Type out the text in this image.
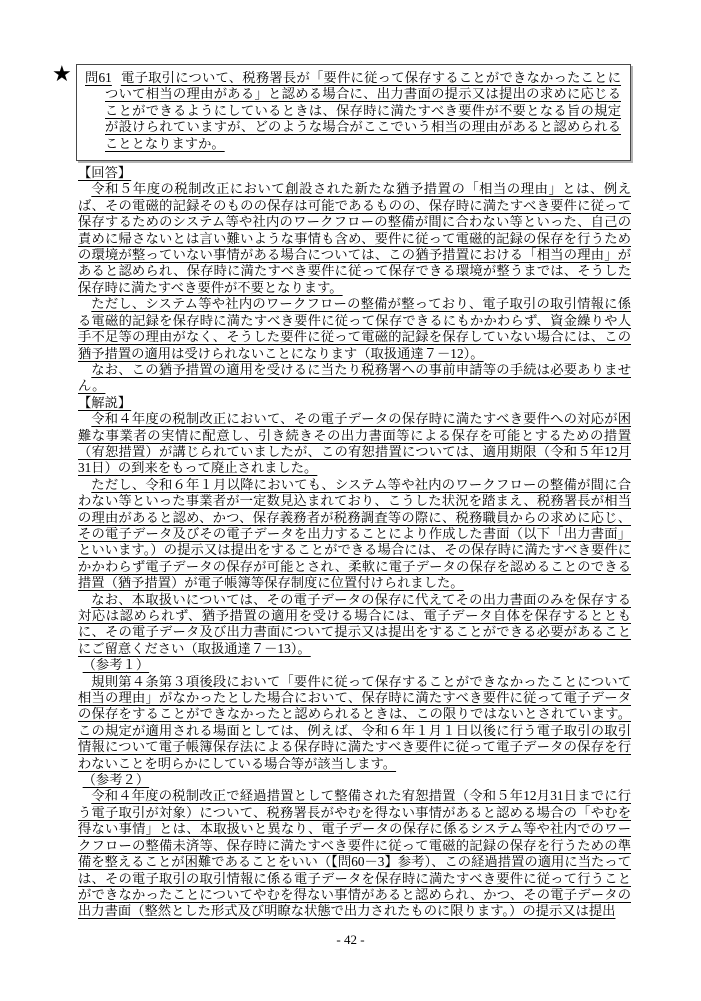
★ 問61 電子取引について、税務署長が「要件に従って保存することができなかったことについて相当の理由がある」と認める場合に、出力書面の提示又は提出の求めに応じることができるようにしているときは、保存時に満たすべき要件が不要となる旨の規定が設けられていますが、どのような場合がここでいう相当の理由があると認められることとなりますか。

【回答】

令和５年度の税制改正において創設された新たな猶予措置の「相当の理由」とは、例えば、その電磁的記録そのものの保存は可能であるものの、保存時に満たすべき要件に従って保存するためのシステム等や社内のワークフローの整備が間に合わない等といった、自己の責めに帰さないとは言い難いような事情も含め、要件に従って電磁的記録の保存を行うための環境が整っていない事情がある場合については、この猶予措置における「相当の理由」があると認められ、保存時に満たすべき要件に従って保存できる環境が整うまでは、そうした保存時に満たすべき要件が不要となります。

ただし、システム等や社内のワークフローの整備が整っており、電子取引の取引情報に係る電磁的記録を保存時に満たすべき要件に従って保存できるにもかかわらず、資金繰りや人手不足等の理由がなく、そうした要件に従って電磁的記録を保存していない場合には、この猶予措置の適用は受けられないことになります（取扱通達７－12）。

なお、この猶予措置の適用を受けるに当たり税務署への事前申請等の手続は必要ありません。

【解説】

令和４年度の税制改正において、その電子データの保存時に満たすべき要件への対応が困難な事業者の実情に配意し、引き続きその出力書面等による保存を可能とするための措置（宥恕措置）が講じられていましたが、この宥恕措置については、適用期限（令和５年12月31日）の到来をもって廃止されました。

ただし、令和６年１月以降においても、システム等や社内のワークフローの整備が間に合わない等といった事業者が一定数見込まれており、こうした状況を踏まえ、税務署長が相当の理由があると認め、かつ、保存義務者が税務調査等の際に、税務職員からの求めに応じ、その電子データ及びその電子データを出力することにより作成した書面（以下「出力書面」といいます。）の提示又は提出をすることができる場合には、その保存時に満たすべき要件にかかわらず電子データの保存が可能とされ、柔軟に電子データの保存を認めることのできる措置（猶予措置）が電子帳簿等保存制度に位置付けられました。

なお、本取扱いについては、その電子データの保存に代えてその出力書面のみを保存する対応は認められず、猶予措置の適用を受ける場合には、電子データ自体を保存するとともに、その電子データ及び出力書面について提示又は提出をすることができる必要があることにご留意ください（取扱通達７－13）。

（参考１）

規則第４条第３項後段において「要件に従って保存することができなかったことについて相当の理由」がなかったとした場合において、保存時に満たすべき要件に従って電子データの保存をすることができなかったと認められるときは、この限りではないとされています。この規定が適用される場面としては、例えば、令和６年１月１日以後に行う電子取引の取引情報について電子帳簿保存法による保存時に満たすべき要件に従って電子データの保存を行わないことを明らかにしている場合等が該当します。

（参考２）

令和４年度の税制改正で経過措置として整備された宥恕措置（令和５年12月31日までに行う電子取引が対象）について、税務署長がやむを得ない事情があると認める場合の「やむを得ない事情」とは、本取扱いと異なり、電子データの保存に係るシステム等や社内でのワークフローの整備未済等、保存時に満たすべき要件に従って電磁的記録の保存を行うための準備を整えることが困難であることをいい（【問60－3】参考）、この経過措置の適用に当たっては、その電子取引の取引情報に係る電子データを保存時に満たすべき要件に従って行うことができなかったことについてやむを得ない事情があると認められ、かつ、その電子データの出力書面（整然とした形式及び明瞭な状態で出力されたものに限ります。）の提示又は提出

- 42 -
